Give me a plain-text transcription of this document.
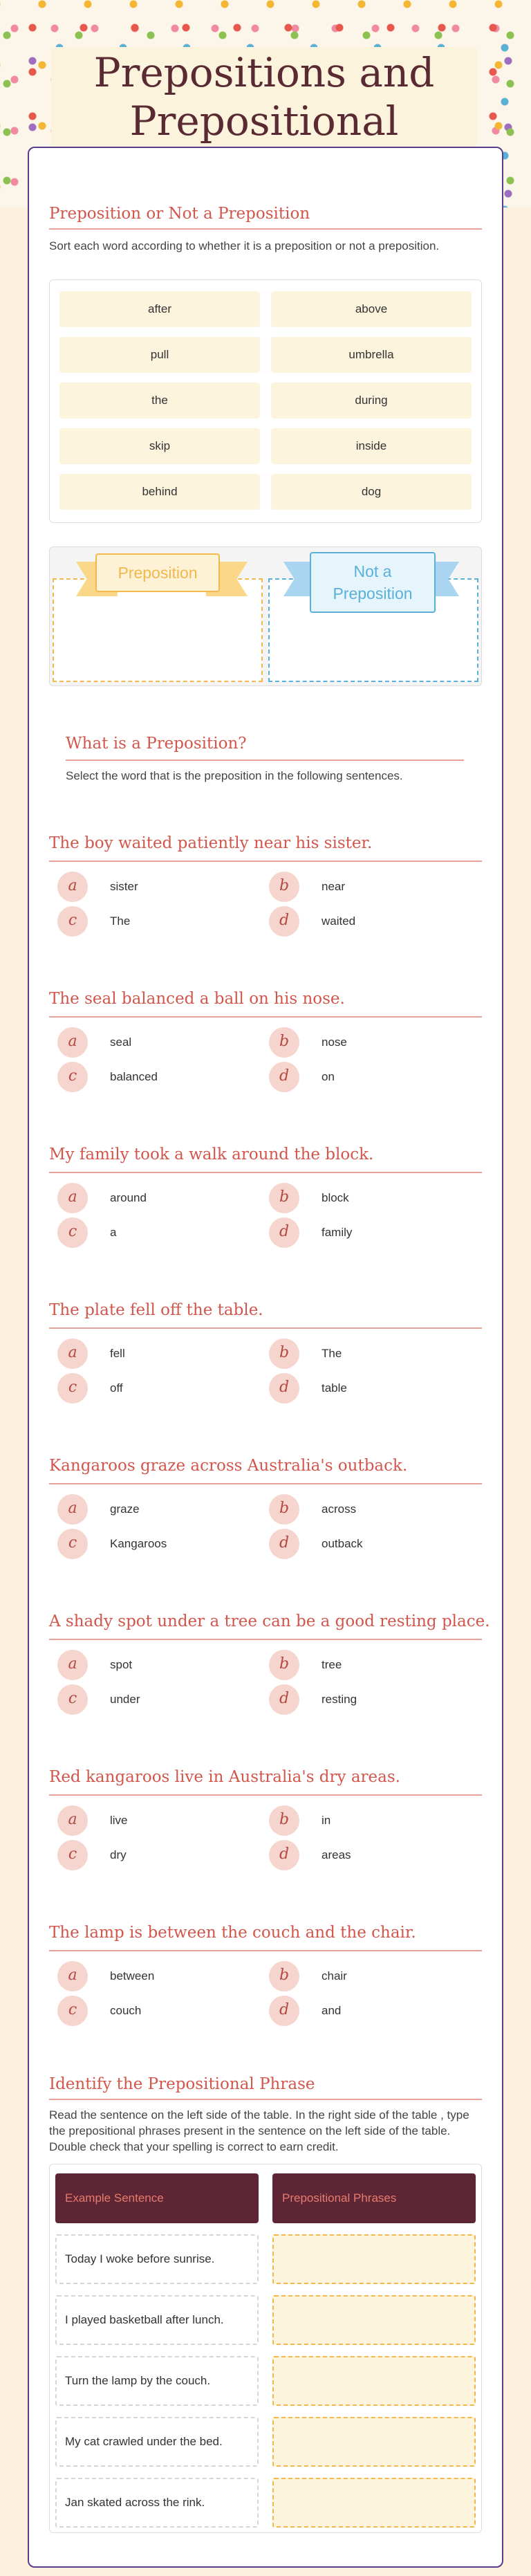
Prepositions and
Prepositional
Preposition or Not a Preposition

Sort each word according to whether it is a preposition or not a preposition.

after	above
pull	umbrella
the	during
skip	inside
behind	dog
Preposition	Not a
Preposition
What is a Preposition?

Select the word that is the preposition in the following sentences.

The boy waited patiently near his sister.
a	sister	b	near
c	The	d	waited
The seal balanced a ball on his nose.
a	seal	b	nose
c	balanced	d	on
My family took a walk around the block.
a	around	b	block
c	a	d	family
The plate fell off the table.
a	fell	b	The
c	off	d	table
Kangaroos graze across Australia's outback.
a	graze	b	across
c	Kangaroos	d	outback
A shady spot under a tree can be a good resting place.
a	spot	b	tree
c	under	d	resting
Red kangaroos live in Australia's dry areas.
a	live	b	in
c	dry	d	areas
The lamp is between the couch and the chair.
a	between	b	chair
c	couch	d	and
Identify the Prepositional Phrase

Read the sentence on the left side of the table. In the right side of the table , type the prepositional phrases present in the sentence on the left side of the table. Double check that your spelling is correct to earn credit.

Example Sentence	Prepositional Phrases
Today I woke before sunrise.
I played basketball after lunch.
Turn the lamp by the couch.
My cat crawled under the bed.
Jan skated across the rink.
